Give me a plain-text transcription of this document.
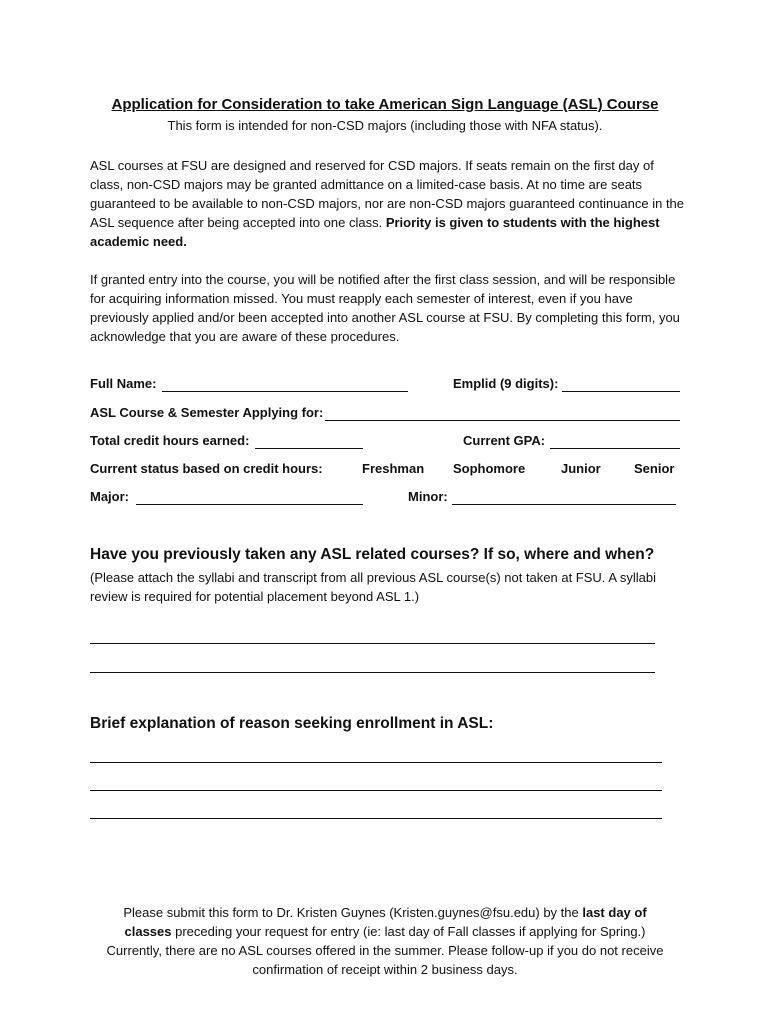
Application for Consideration to take American Sign Language (ASL) Course
This form is intended for non-CSD majors (including those with NFA status).
ASL courses at FSU are designed and reserved for CSD majors. If seats remain on the first day of class, non-CSD majors may be granted admittance on a limited-case basis. At no time are seats guaranteed to be available to non-CSD majors, nor are non-CSD majors guaranteed continuance in the ASL sequence after being accepted into one class. Priority is given to students with the highest academic need.
If granted entry into the course, you will be notified after the first class session, and will be responsible for acquiring information missed. You must reapply each semester of interest, even if you have previously applied and/or been accepted into another ASL course at FSU. By completing this form, you acknowledge that you are aware of these procedures.
Full Name:	Emplid (9 digits):
ASL Course & Semester Applying for:
Total credit hours earned:	Current GPA:
Current status based on credit hours:	Freshman Sophomore	Junior	Senior
Major:	Minor:
Have you previously taken any ASL related courses? If so, where and when?
(Please attach the syllabi and transcript from all previous ASL course(s) not taken at FSU. A syllabi review is required for potential placement beyond ASL 1.)
Brief explanation of reason seeking enrollment in ASL:
Please submit this form to Dr. Kristen Guynes (Kristen.guynes@fsu.edu) by the last day of classes preceding your request for entry (ie: last day of Fall classes if applying for Spring.) Currently, there are no ASL courses offered in the summer. Please follow-up if you do not receive confirmation of receipt within 2 business days.
